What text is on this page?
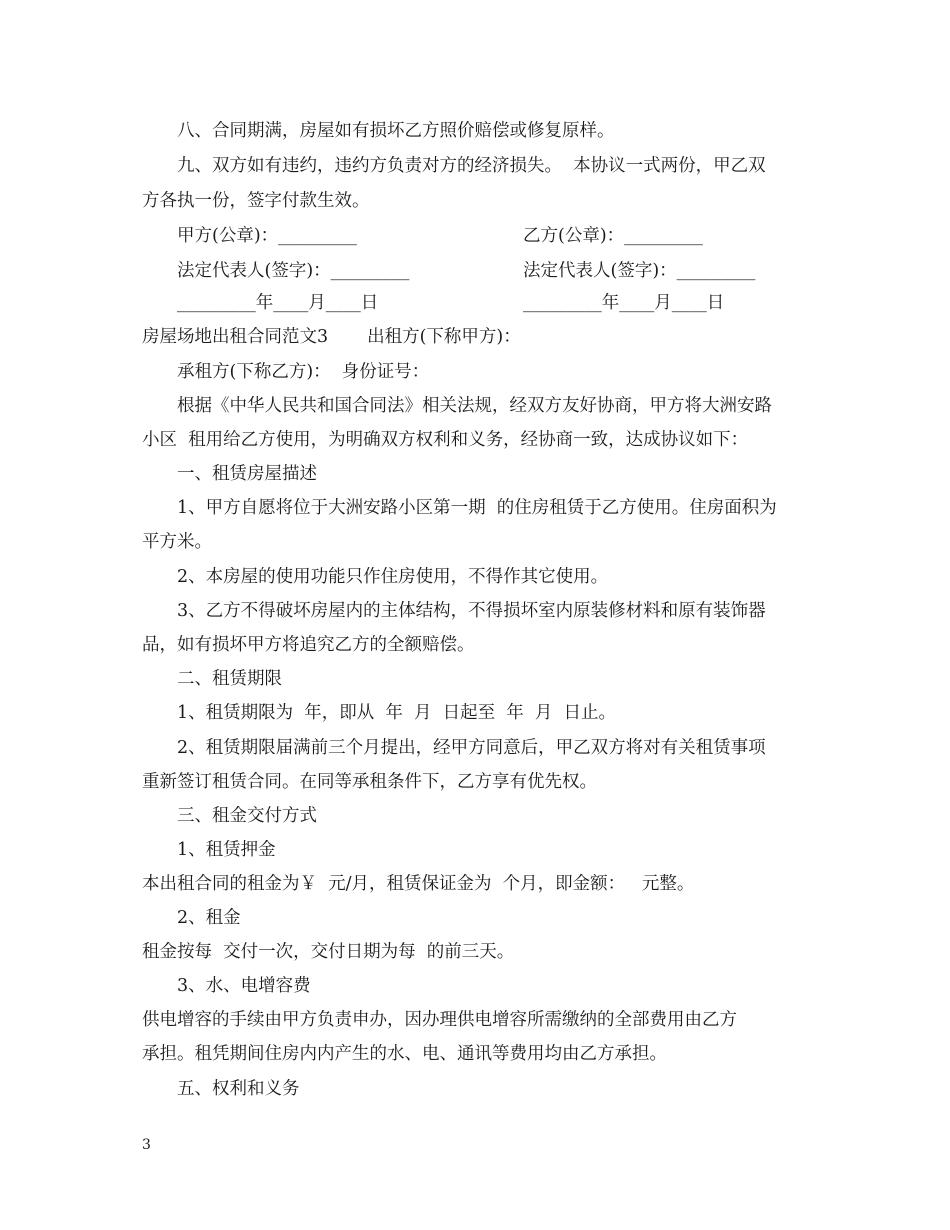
八、合同期满，房屋如有损坏乙方照价赔偿或修复原样。
九、双方如有违约，违约方负责对方的经济损失。  本协议一式两份，甲乙双
方各执一份，签字付款生效。
甲方(公章)：_________	乙方(公章)：_________
法定代表人(签字)：_________	法定代表人(签字)：_________
_________年____月____日	_________年____月____日
房屋场地出租合同范文3       出租方(下称甲方)：
承租方(下称乙方)：  身份证号：
根据《中华人民共和国合同法》相关法规，经双方友好协商，甲方将大洲安路
小区  租用给乙方使用，为明确双方权利和义务，经协商一致，达成协议如下：
一、租赁房屋描述
1、甲方自愿将位于大洲安路小区第一期  的住房租赁于乙方使用。住房面积为
平方米。
2、本房屋的使用功能只作住房使用，不得作其它使用。
3、乙方不得破坏房屋内的主体结构，不得损坏室内原装修材料和原有装饰器
品，如有损坏甲方将追究乙方的全额赔偿。
二、租赁期限
1、租赁期限为  年，即从  年  月  日起至  年  月  日止。
2、租赁期限届满前三个月提出，经甲方同意后，甲乙双方将对有关租赁事项
重新签订租赁合同。在同等承租条件下，乙方享有优先权。
三、租金交付方式
1、租赁押金
本出租合同的租金为￥  元/月，租赁保证金为  个月，即金额：   元整。
2、租金
租金按每  交付一次，交付日期为每  的前三天。
3、水、电增容费
供电增容的手续由甲方负责申办，因办理供电增容所需缴纳的全部费用由乙方
承担。租凭期间住房内内产生的水、电、通讯等费用均由乙方承担。
五、权利和义务
3
